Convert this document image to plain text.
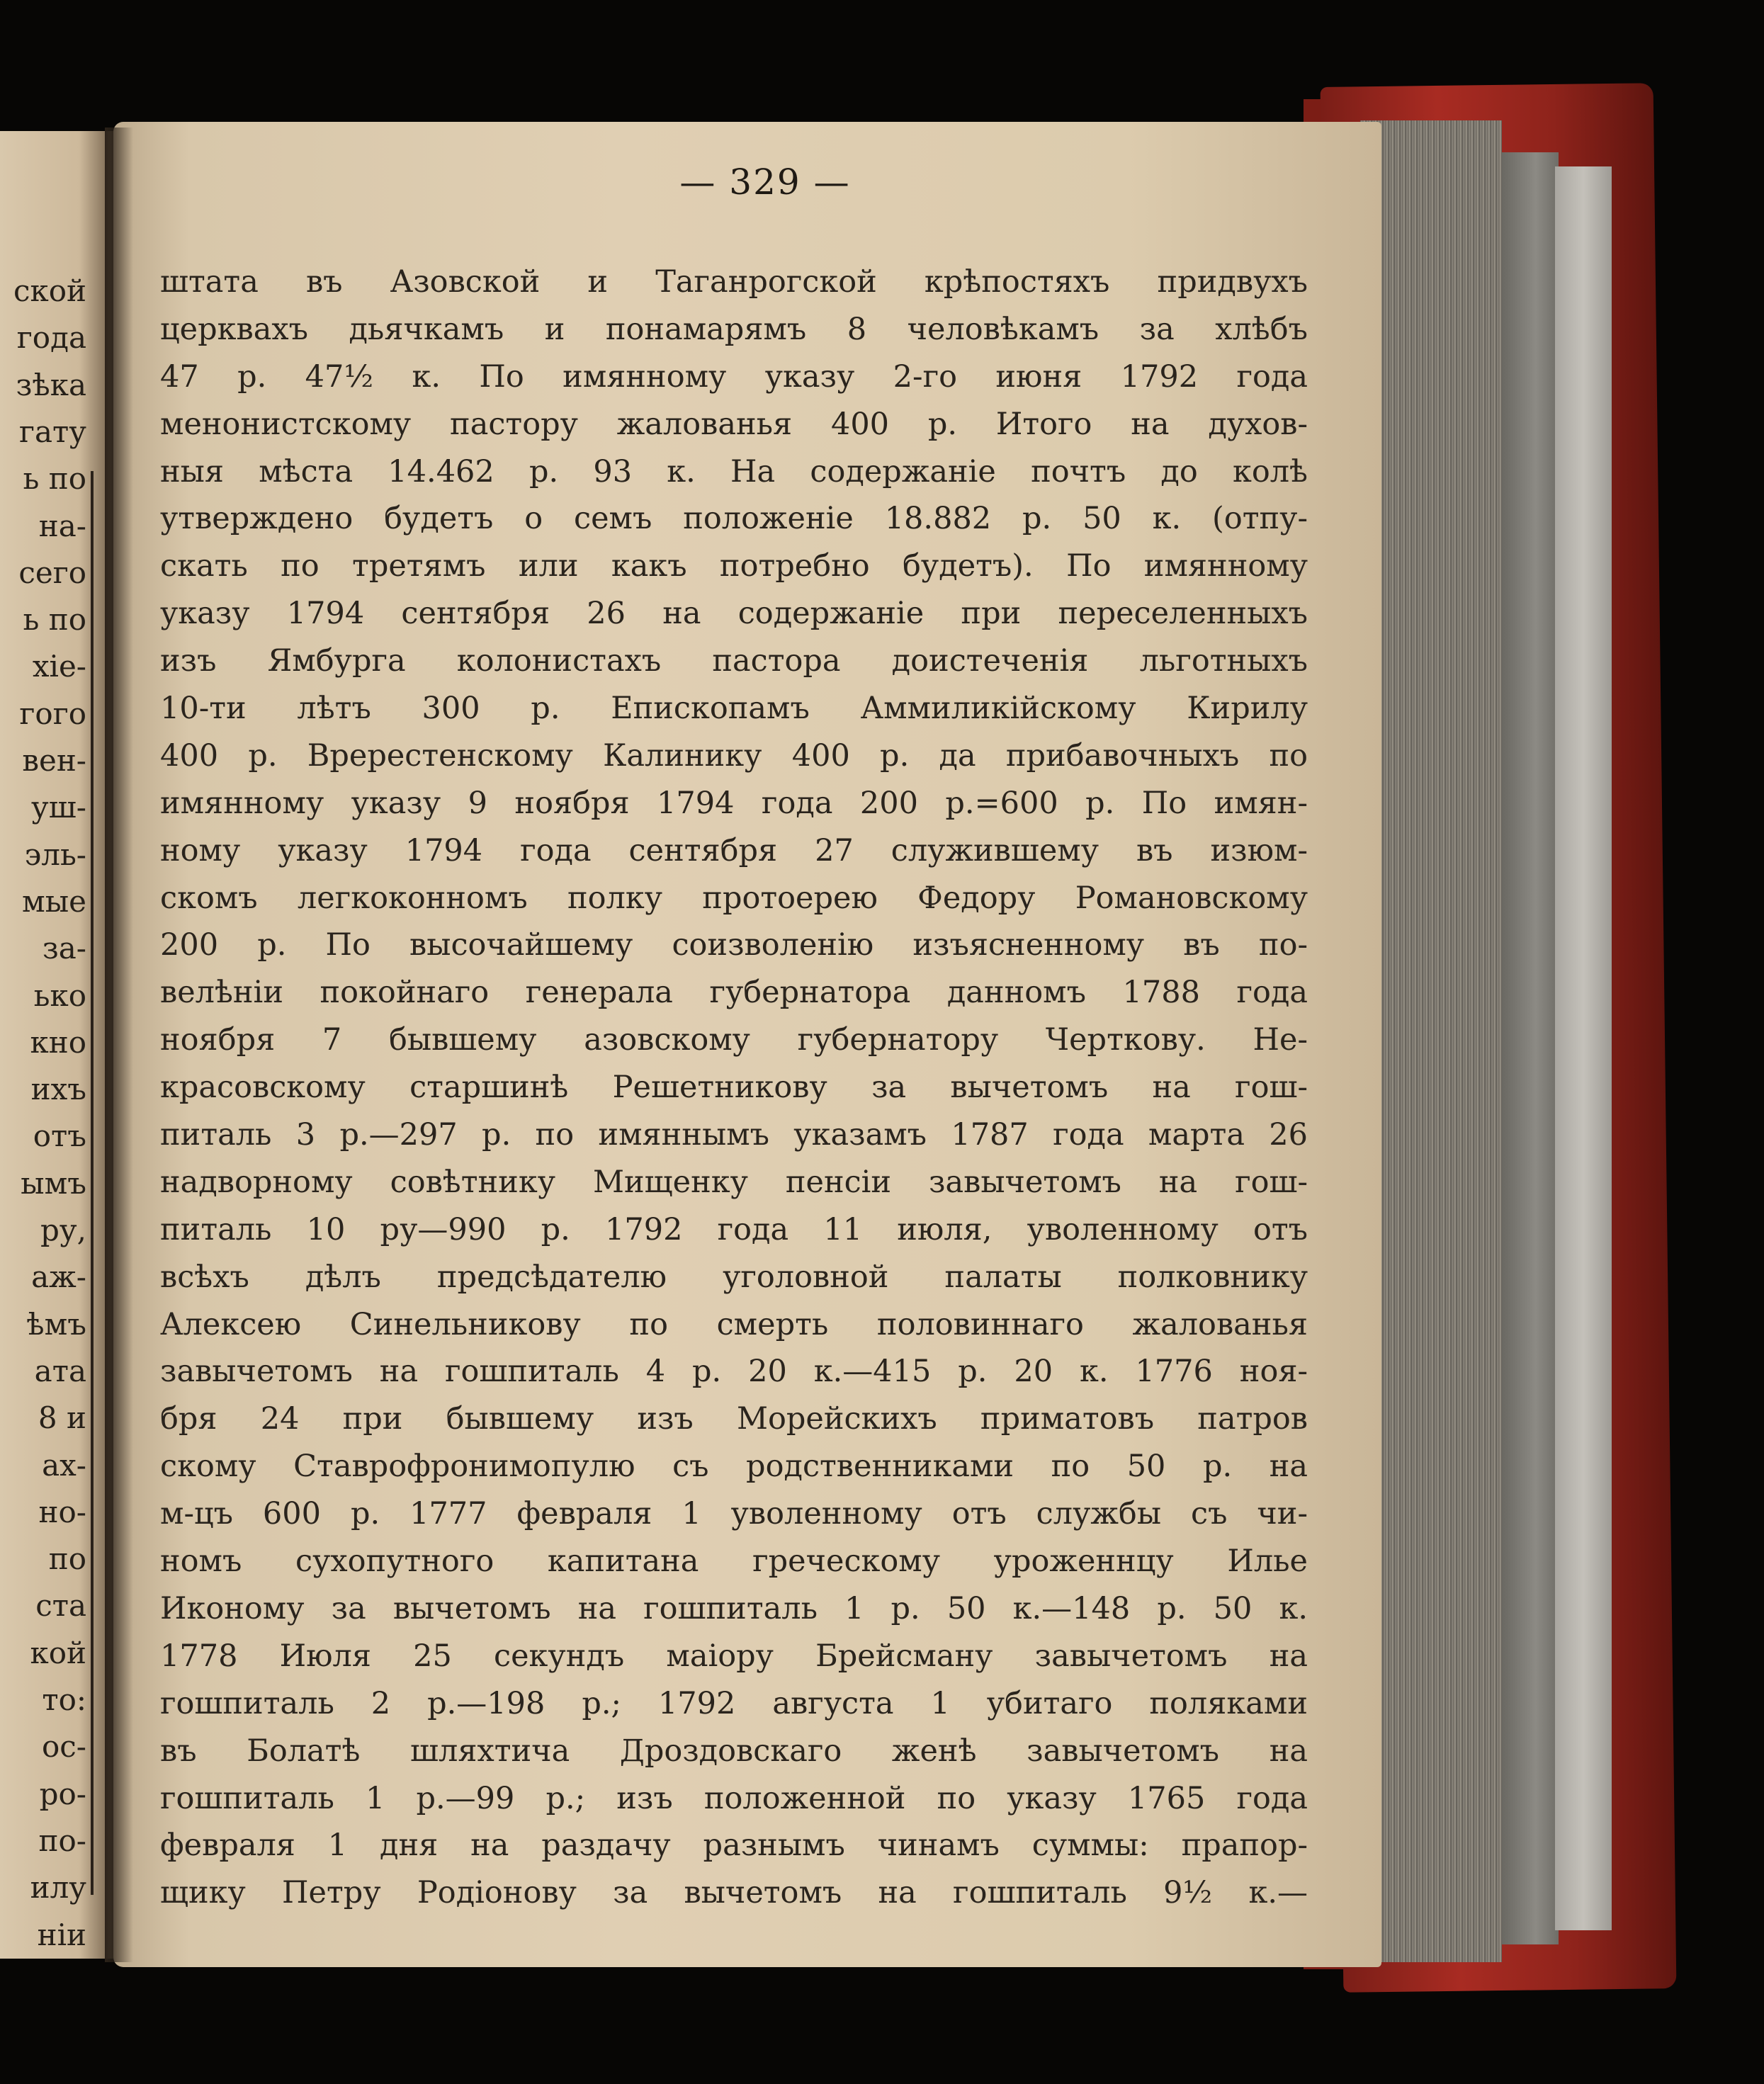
ской
года
зѣка
гату
ь по
на-
сего
ь по
хіе-
гого
вен-
уш-
эль-
мые
за-
ько
кно
ихъ
отъ
ымъ
ру,
аж-
ѣмъ
ата
8 и
ах-
но-
по
ста
кой
то:
ос-
ро-
по-
илу
ніи
— 329 —
штата въ Азовской и Таганрогской крѣпостяхъ придвухъ
церквахъ дьячкамъ и понамарямъ 8 человѣкамъ за хлѣбъ
47 р. 47½ к. По имянному указу 2-го июня 1792 года
менонистскому пастору жалованья 400 р. Итого на духов-
ныя мѣста 14.462 р. 93 к. На содержаніе почтъ до колѣ
утверждено будетъ о семъ положеніе 18.882 р. 50 к. (отпу-
скать по третямъ или какъ потребно будетъ). По имянному
указу 1794 сентября 26 на содержаніе при переселенныхъ
изъ Ямбурга колонистахъ пастора доистеченія льготныхъ
10-ти лѣтъ 300 р. Епископамъ Аммиликійскому Кирилу
400 р. Вререстенскому Калинику 400 р. да прибавочныхъ по
имянному указу 9 ноября 1794 года 200 р.=600 р. По имян-
ному указу 1794 года сентября 27 служившему въ изюм-
скомъ легкоконномъ полку протоерею Федору Романовскому
200 р. По высочайшему соизволенію изъясненному въ по-
велѣніи покойнаго генерала губернатора данномъ 1788 года
ноября 7 бывшему азовскому губернатору Черткову. Не-
красовскому старшинѣ Решетникову за вычетомъ на гош-
питаль 3 р.—297 р. по имяннымъ указамъ 1787 года марта 26
надворному совѣтнику Мищенку пенсіи завычетомъ на гош-
питаль 10 ру—990 р. 1792 года 11 июля, уволенному отъ
всѣхъ дѣлъ предсѣдателю уголовной палаты полковнику
Алексею Синельникову по смерть половиннаго жалованья
завычетомъ на гошпиталь 4 р. 20 к.—415 р. 20 к. 1776 ноя-
бря 24 при бывшему изъ Морейскихъ приматовъ патров
скому Ставрофронимопулю съ родственниками по 50 р. на
м-цъ 600 р. 1777 февраля 1 уволенному отъ службы съ чи-
номъ сухопутного капитана греческому уроженнцу Илье
Иконому за вычетомъ на гошпиталь 1 р. 50 к.—148 р. 50 к.
1778 Июля 25 секундъ маіору Брейсману завычетомъ на
гошпиталь 2 р.—198 р.; 1792 августа 1 убитаго поляками
въ Болатѣ шляхтича Дроздовскаго женѣ завычетомъ на
гошпиталь 1 р.—99 р.; изъ положенной по указу 1765 года
февраля 1 дня на раздачу разнымъ чинамъ суммы: прапор-
щику Петру Родіонову за вычетомъ на гошпиталь 9½ к.—
